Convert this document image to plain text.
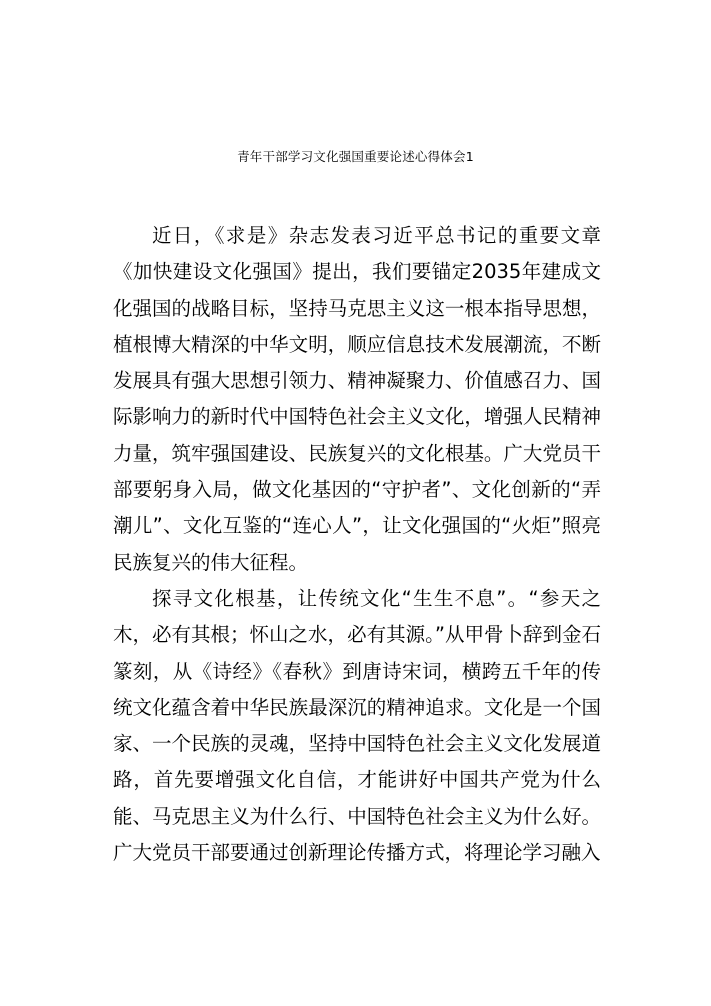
青年干部学习文化强国重要论述心得体会1

近日，《求是》杂志发表习近平总书记的重要文章《加快建设文化强国》提出，我们要锚定2035年建成文化强国的战略目标，坚持马克思主义这一根本指导思想，植根博大精深的中华文明，顺应信息技术发展潮流，不断发展具有强大思想引领力、精神凝聚力、价值感召力、国际影响力的新时代中国特色社会主义文化，增强人民精神力量，筑牢强国建设、民族复兴的文化根基。广大党员干部要躬身入局，做文化基因的“守护者”、文化创新的“弄潮儿”、文化互鉴的“连心人”，让文化强国的“火炬”照亮民族复兴的伟大征程。

探寻文化根基，让传统文化“生生不息”。“参天之木，必有其根；怀山之水，必有其源。”从甲骨卜辞到金石篆刻，从《诗经》《春秋》到唐诗宋词，横跨五千年的传统文化蕴含着中华民族最深沉的精神追求。文化是一个国家、一个民族的灵魂，坚持中国特色社会主义文化发展道路，首先要增强文化自信，才能讲好中国共产党为什么能、马克思主义为什么行、中国特色社会主义为什么好。广大党员干部要通过创新理论传播方式，将理论学习融入
